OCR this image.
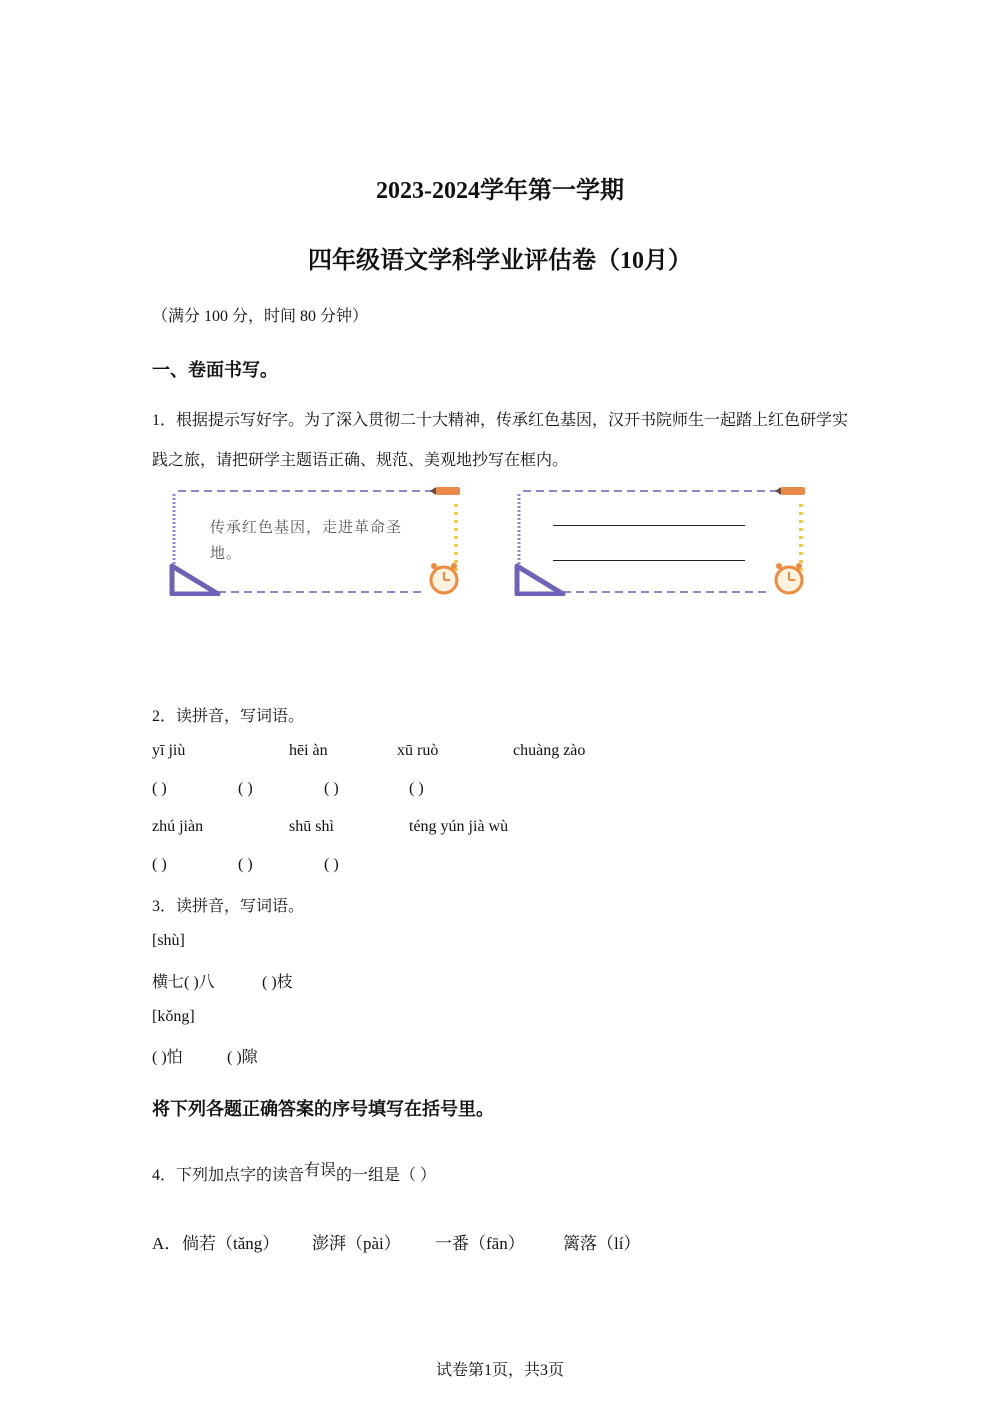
2023-2024学年第一学期
四年级语文学科学业评估卷（10月）
（满分 100 分，时间 80 分钟）
一、卷面书写。
1．根据提示写好字。为了深入贯彻二十大精神，传承红色基因，汉开书院师生一起踏上红色研学实践之旅，请把研学主题语正确、规范、美观地抄写在框内。
传承红色基因，走进革命圣地。
2．读拼音，写词语。
yī jiù	hēi àn	xū ruò	chuàng zào
( )	( )	( )	( )
zhú jiàn	shū shì	téng yún jià wù
( )	( )	( )
3．读拼音，写词语。
[shù]
横七( )八	( )枝
[kǒng]
( )怕	( )隙
将下列各题正确答案的序号填写在括号里。
4．下列加点字的读音有误的一组是（ ）
A． 倘若（tǎng） 澎湃（pài） 一番（fān） 篱落（lí）
试卷第1页，共3页
